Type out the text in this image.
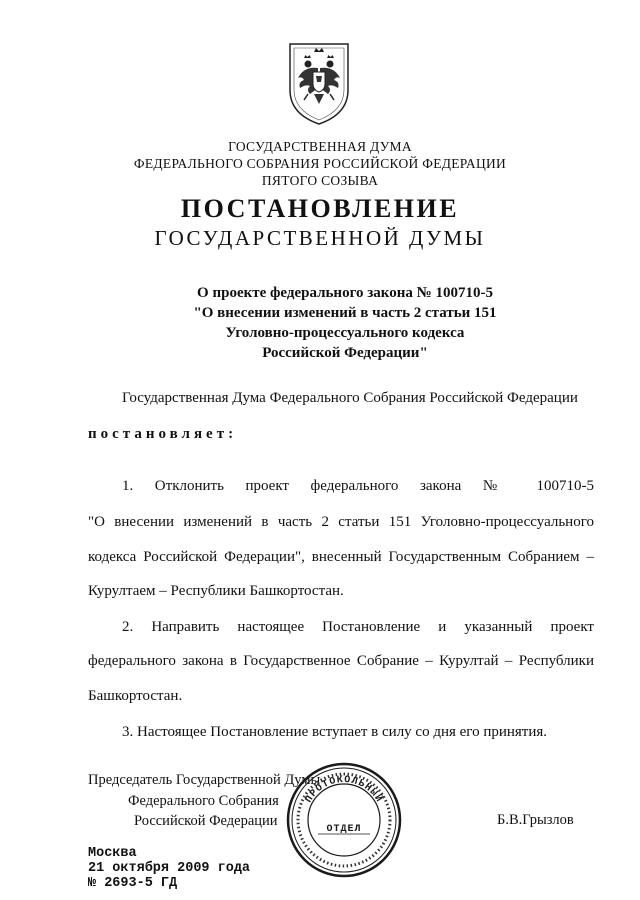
ГОСУДАРСТВЕННАЯ ДУМА
ФЕДЕРАЛЬНОГО СОБРАНИЯ РОССИЙСКОЙ ФЕДЕРАЦИИ
ПЯТОГО СОЗЫВА
ПОСТАНОВЛЕНИЕ
ГОСУДАРСТВЕННОЙ ДУМЫ
О проекте федерального закона № 100710-5
"О внесении изменений в часть 2 статьи 151
Уголовно-процессуального кодекса
Российской Федерации"
Государственная Дума Федерального Собрания Российской Федерации
постановляет:
1. Отклонить проект федерального закона № 100710-5
"О внесении изменений в часть 2 статьи 151 Уголовно-процессуального
кодекса Российской Федерации", внесенный Государственным Собранием –
Курултаем – Республики Башкортостан.
2. Направить настоящее Постановление и указанный проект
федерального закона в Государственное Собрание – Курултай – Республики
Башкортостан.
3. Настоящее Постановление вступает в силу со дня его принятия.
Председатель Государственной Думы
Федерального Собрания
Российской Федерации	Б.В.Грызлов
ПРОТОКОЛЬНЫЙ
ОТДЕЛ
Москва
21 октября 2009 года
№ 2693-5 ГД
